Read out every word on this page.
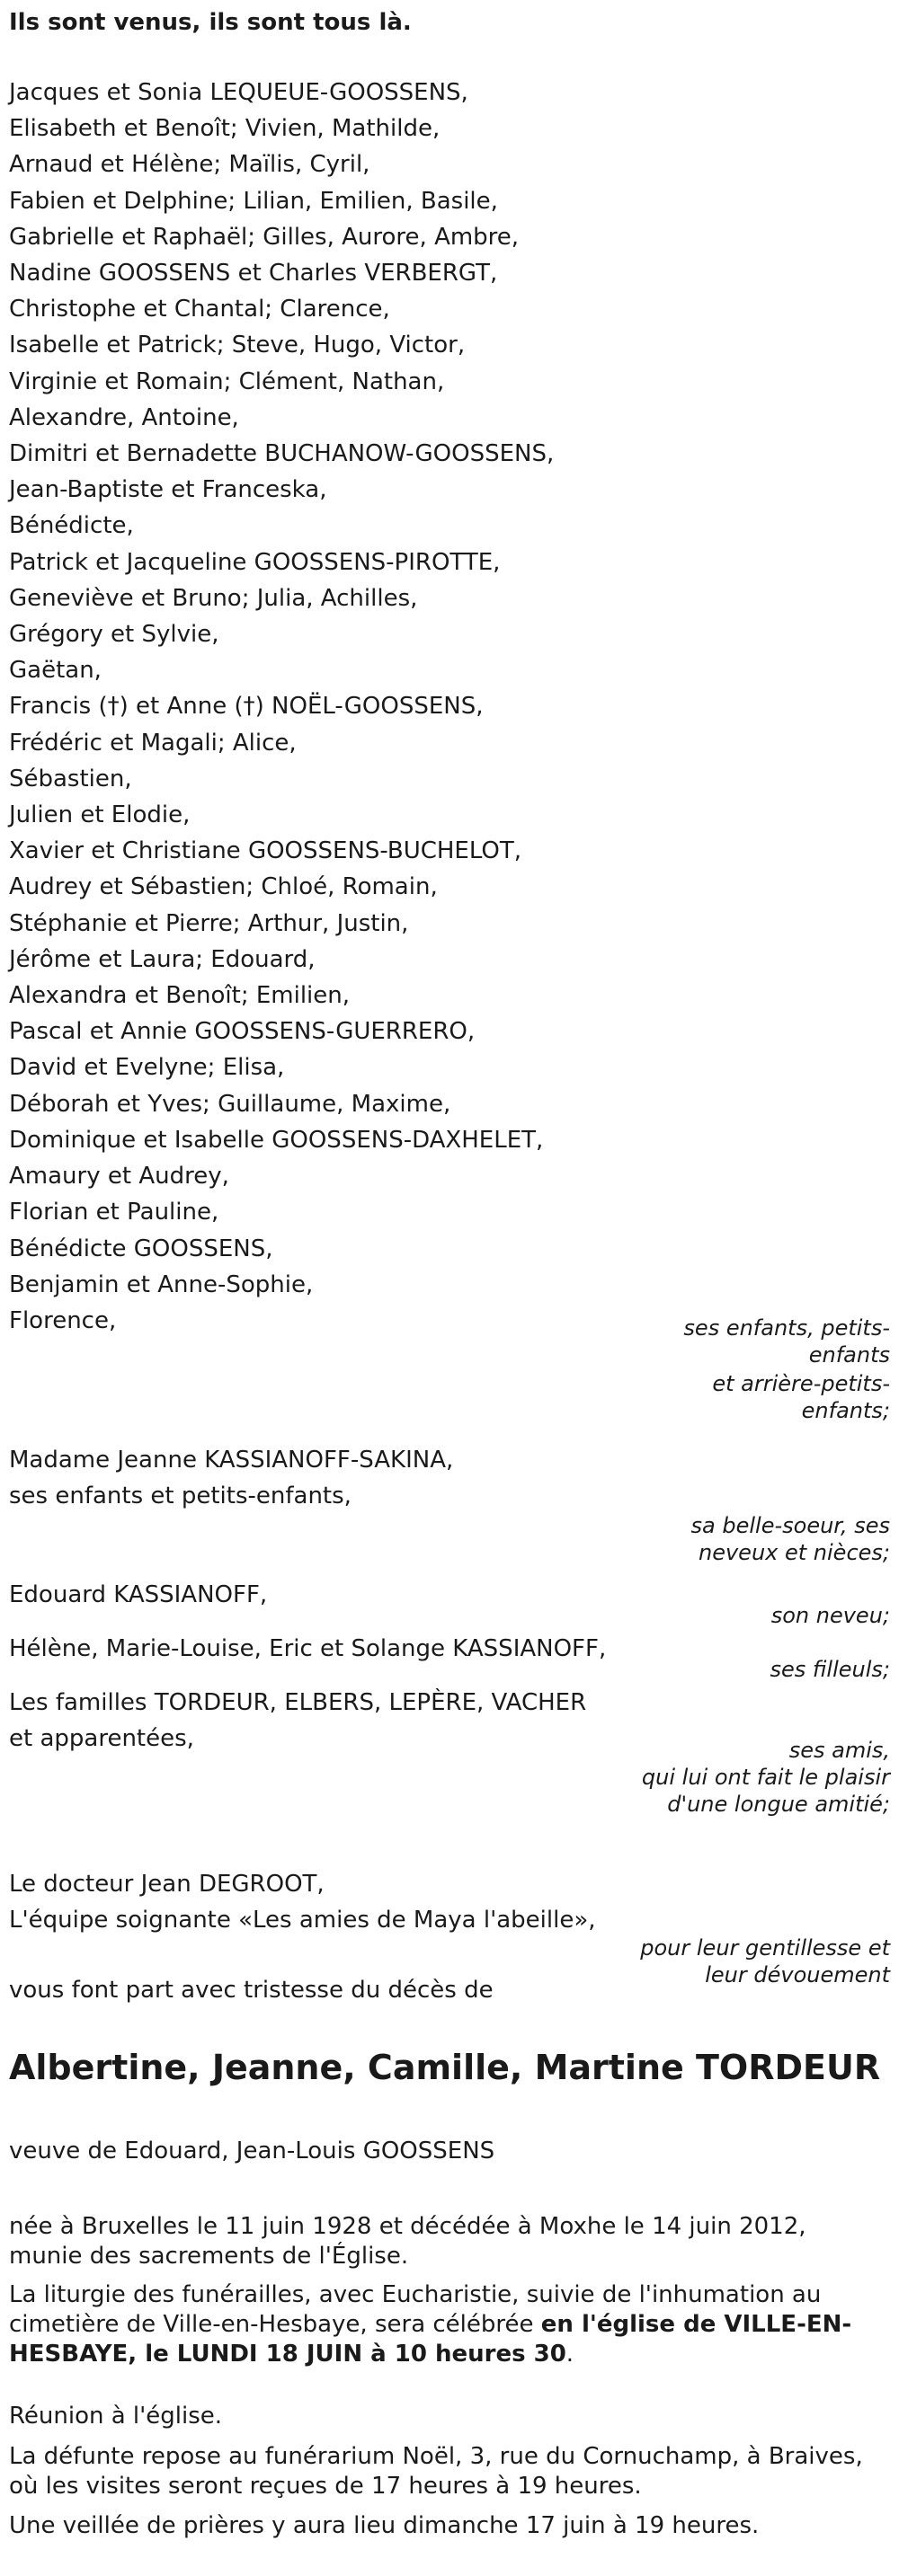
Ils sont venus, ils sont tous là.
Jacques et Sonia LEQUEUE-GOOSSENS,
Elisabeth et Benoît; Vivien, Mathilde,
Arnaud et Hélène; Maïlis, Cyril,
Fabien et Delphine; Lilian, Emilien, Basile,
Gabrielle et Raphaël; Gilles, Aurore, Ambre,
Nadine GOOSSENS et Charles VERBERGT,
Christophe et Chantal; Clarence,
Isabelle et Patrick; Steve, Hugo, Victor,
Virginie et Romain; Clément, Nathan,
Alexandre, Antoine,
Dimitri et Bernadette BUCHANOW-GOOSSENS,
Jean-Baptiste et Franceska,
Bénédicte,
Patrick et Jacqueline GOOSSENS-PIROTTE,
Geneviève et Bruno; Julia, Achilles,
Grégory et Sylvie,
Gaëtan,
Francis (†) et Anne (†) NOËL-GOOSSENS,
Frédéric et Magali; Alice,
Sébastien,
Julien et Elodie,
Xavier et Christiane GOOSSENS-BUCHELOT,
Audrey et Sébastien; Chloé, Romain,
Stéphanie et Pierre; Arthur, Justin,
Jérôme et Laura; Edouard,
Alexandra et Benoît; Emilien,
Pascal et Annie GOOSSENS-GUERRERO,
David et Evelyne; Elisa,
Déborah et Yves; Guillaume, Maxime,
Dominique et Isabelle GOOSSENS-DAXHELET,
Amaury et Audrey,
Florian et Pauline,
Bénédicte GOOSSENS,
Benjamin et Anne-Sophie,
Florence,	ses enfants, petits-enfants
et arrière-petits-enfants;
Madame Jeanne KASSIANOFF-SAKINA,
ses enfants et petits-enfants,
sa belle-soeur, ses neveux et nièces;
Edouard KASSIANOFF,
son neveu;
Hélène, Marie-Louise, Eric et Solange KASSIANOFF,
ses filleuls;
Les familles TORDEUR, ELBERS, LEPÈRE, VACHER
et apparentées,	ses amis,
qui lui ont fait le plaisir d'une longue amitié;
Le docteur Jean DEGROOT,
L'équipe soignante «Les amies de Maya l'abeille»,
pour leur gentillesse et leur dévouement
vous font part avec tristesse du décès de
Albertine, Jeanne, Camille, Martine TORDEUR
veuve de Edouard, Jean-Louis GOOSSENS

née à Bruxelles le 11 juin 1928 et décédée à Moxhe le 14 juin 2012, munie des sacrements de l'Église.

La liturgie des funérailles, avec Eucharistie, suivie de l'inhumation au cimetière de Ville-en-Hesbaye, sera célébrée en l'église de VILLE-EN-HESBAYE, le LUNDI 18 JUIN à 10 heures 30.

Réunion à l'église.

La défunte repose au funérarium Noël, 3, rue du Cornuchamp, à Braives, où les visites seront reçues de 17 heures à 19 heures.

Une veillée de prières y aura lieu dimanche 17 juin à 19 heures.
